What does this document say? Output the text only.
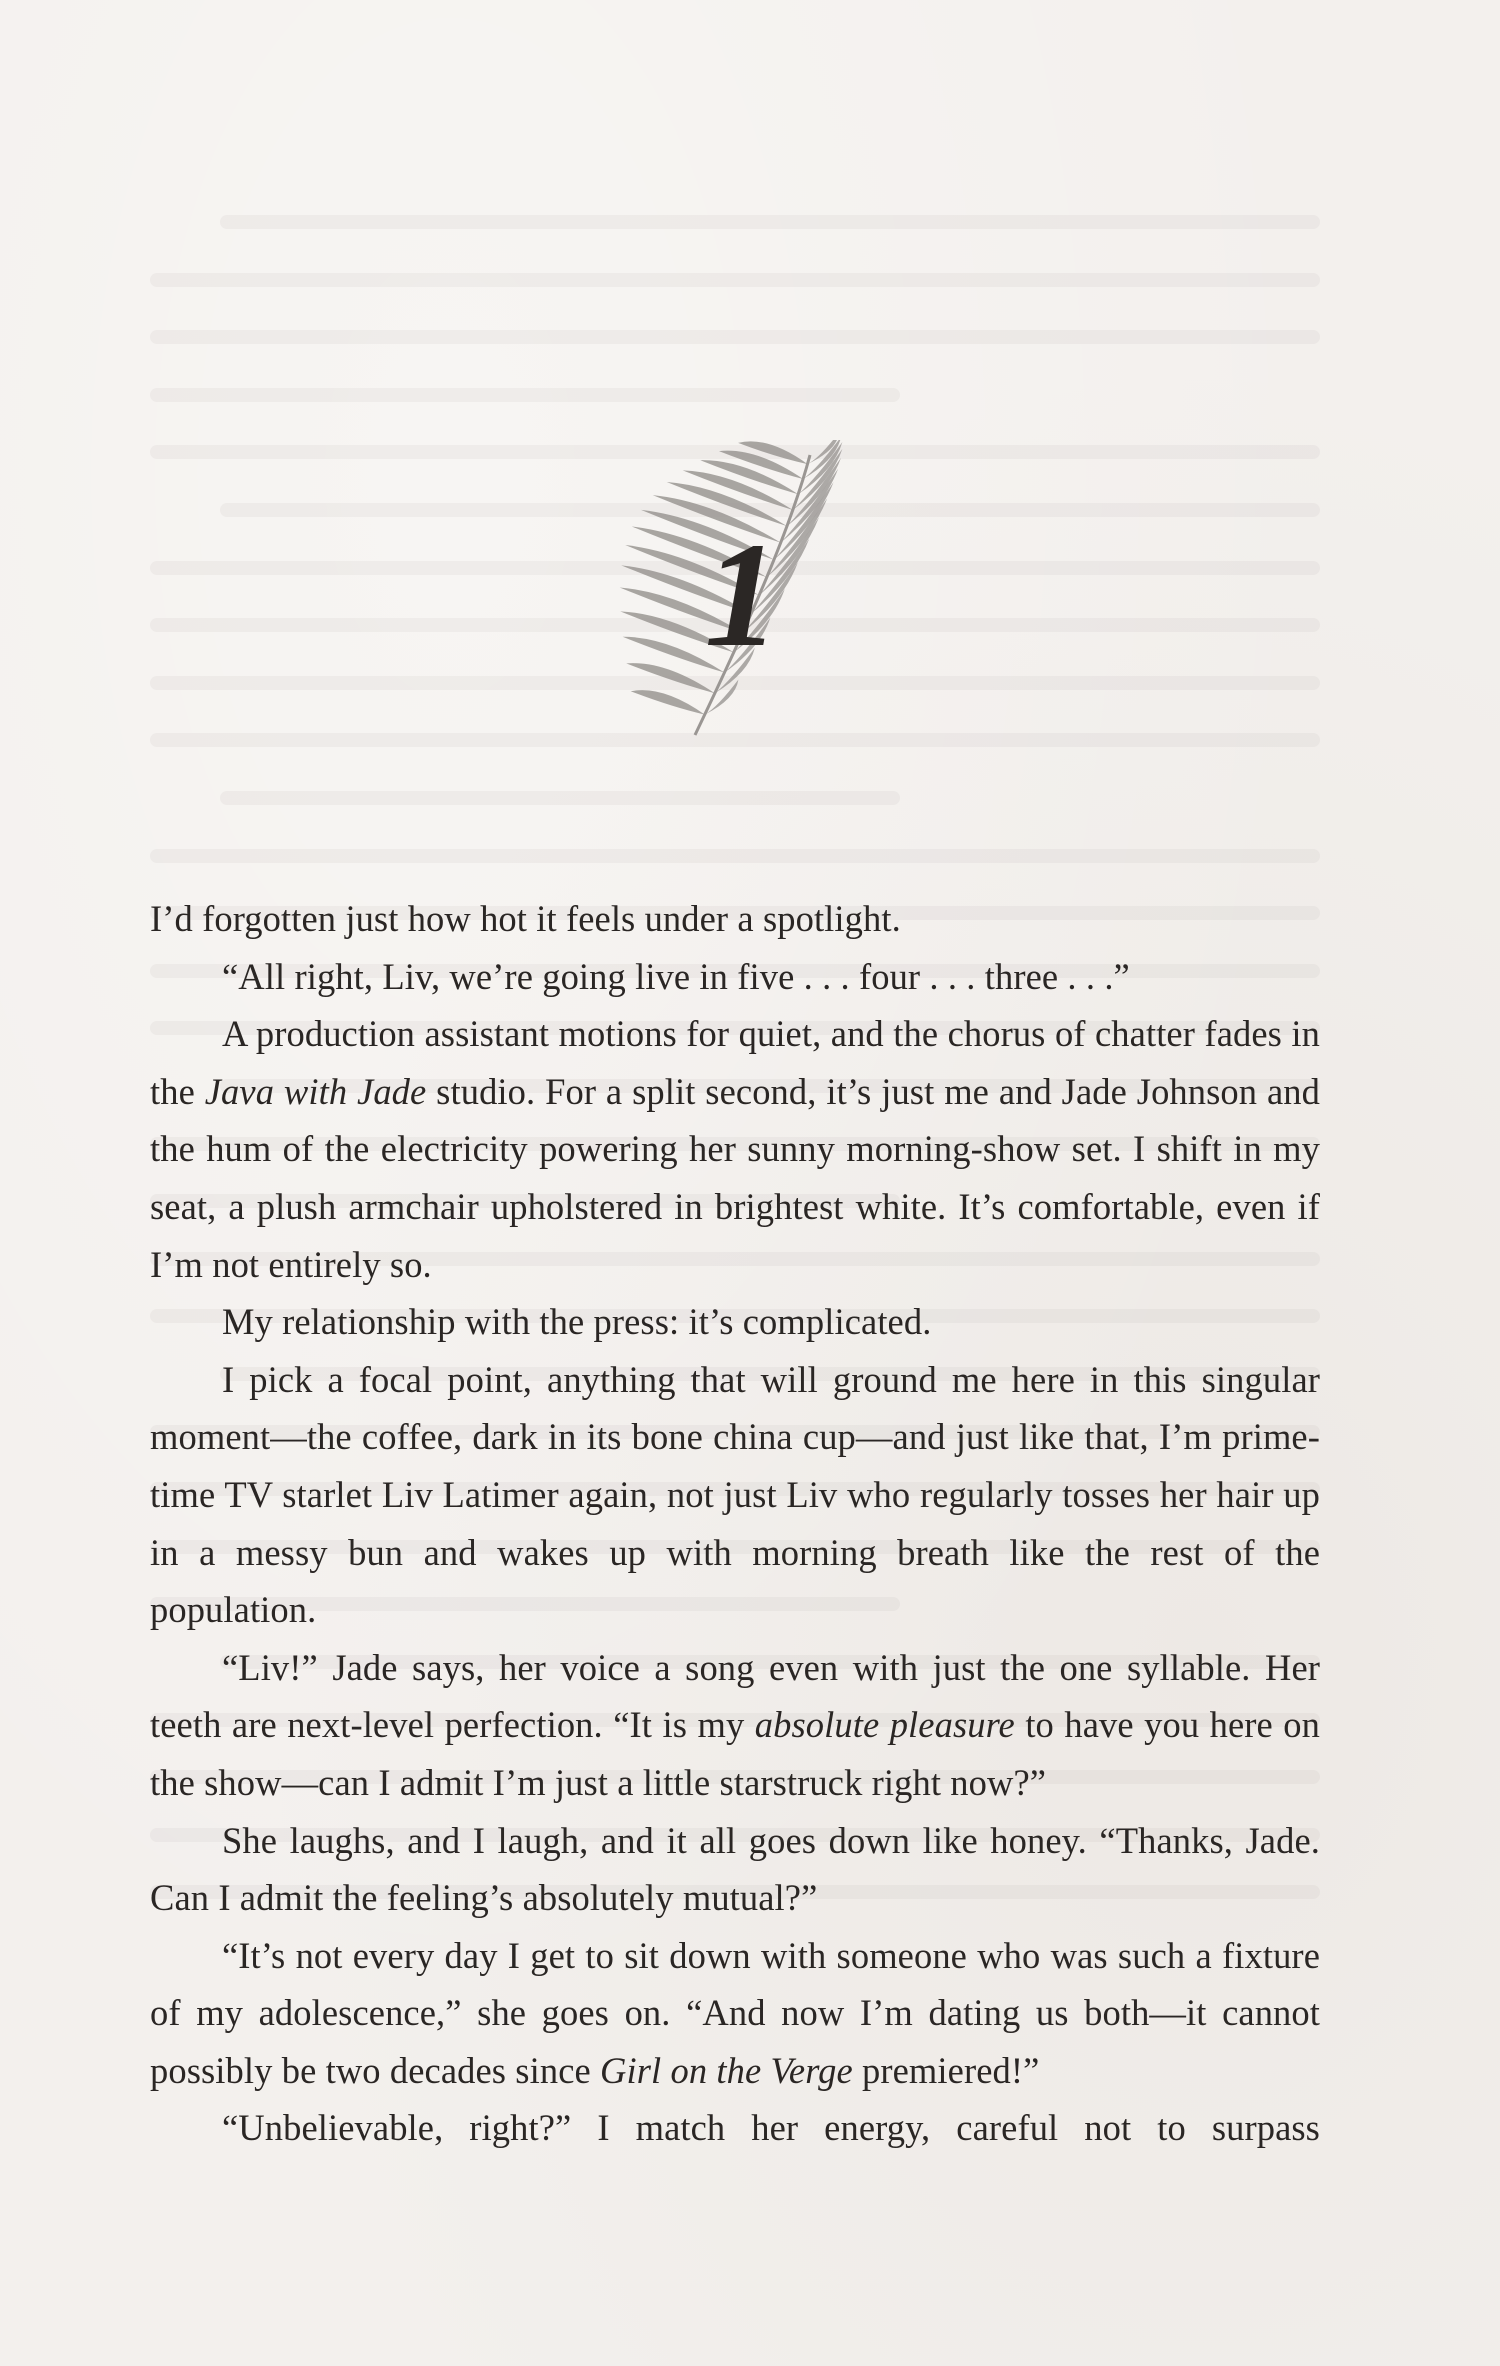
1

I’d forgotten just how hot it feels under a spotlight.

“All right, Liv, we’re going live in five . . . four . . . three . . .”

A production assistant motions for quiet, and the chorus of chatter fades in the Java with Jade studio. For a split second, it’s just me and Jade Johnson and the hum of the electricity powering her sunny morning-show set. I shift in my seat, a plush armchair upholstered in brightest white. It’s comfortable, even if I’m not entirely so.

My relationship with the press: it’s complicated.

I pick a focal point, anything that will ground me here in this singular moment—the coffee, dark in its bone china cup—and just like that, I’m prime-time TV starlet Liv Latimer again, not just Liv who regularly tosses her hair up in a messy bun and wakes up with morning breath like the rest of the population.

“Liv!” Jade says, her voice a song even with just the one syllable. Her teeth are next-level perfection. “It is my absolute pleasure to have you here on the show—can I admit I’m just a little starstruck right now?”

She laughs, and I laugh, and it all goes down like honey. “Thanks, Jade. Can I admit the feeling’s absolutely mutual?”

“It’s not every day I get to sit down with someone who was such a fixture of my adolescence,” she goes on. “And now I’m dating us both—it cannot possibly be two decades since Girl on the Verge premiered!”

“Unbelievable, right?” I match her energy, careful not to surpass
